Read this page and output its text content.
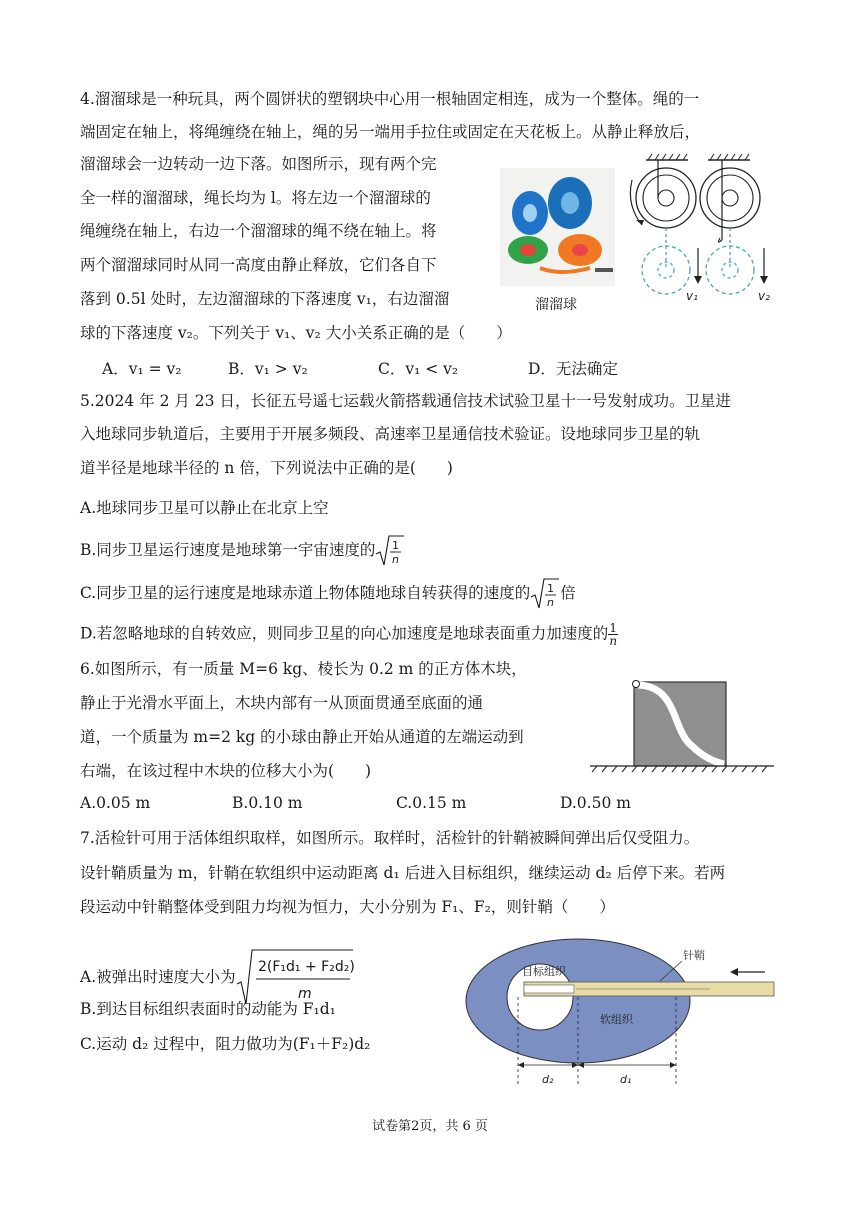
4.溜溜球是一种玩具，两个圆饼状的塑钢块中心用一根轴固定相连，成为一个整体。绳的一
端固定在轴上，将绳缠绕在轴上，绳的另一端用手拉住或固定在天花板上。从静止释放后，
溜溜球会一边转动一边下落。如图所示，现有两个完
全一样的溜溜球，绳长均为 l。将左边一个溜溜球的
绳缠绕在轴上，右边一个溜溜球的绳不绕在轴上。将
两个溜溜球同时从同一高度由静止释放，它们各自下
落到 0.5l 处时，左边溜溜球的下落速度 v₁，右边溜溜
球的下落速度 v₂。下列关于 v₁、v₂ 大小关系正确的是（　　）
溜溜球
v₁	v₂
A．v₁ = v₂	B．v₁ > v₂	C．v₁ < v₂	D．无法确定
5.2024 年 2 月 23 日，长征五号遥七运载火箭搭载通信技术试验卫星十一号发射成功。卫星进
入地球同步轨道后，主要用于开展多频段、高速率卫星通信技术验证。设地球同步卫星的轨
道半径是地球半径的 n 倍，下列说法中正确的是(　　)
A.地球同步卫星可以静止在北京上空
B.同步卫星运行速度是地球第一宇宙速度的 1
n
C.同步卫星的运行速度是地球赤道上物体随地球自转获得的速度的 1
n
倍
D.若忽略地球的自转效应，则同步卫星的向心加速度是地球表面重力加速度的 $\frac{1}{n}$
6.如图所示，有一质量 M=6 kg、棱长为 0.2 m 的正方体木块，
静止于光滑水平面上，木块内部有一从顶面贯通至底面的通
道，一个质量为 m=2 kg 的小球由静止开始从通道的左端运动到
右端，在该过程中木块的位移大小为(　　)
A.0.05 m	B.0.10 m	C.0.15 m	D.0.50 m
7.活检针可用于活体组织取样，如图所示。取样时，活检针的针鞘被瞬间弹出后仅受阻力。
设针鞘质量为 m，针鞘在软组织中运动距离 d₁ 后进入目标组织，继续运动 d₂ 后停下来。若两
段运动中针鞘整体受到阻力均视为恒力，大小分别为 F₁、F₂，则针鞘（　　）
A.被弹出时速度大小为
2(F₁d₁ + F₂d₂)
m
B.到达目标组织表面时的动能为 F₁d₁
C.运动 d₂ 过程中，阻力做功为(F₁＋F₂)d₂
针鞘
目标组织
软组织
d₂	d₁
试卷第2页，共 6 页
